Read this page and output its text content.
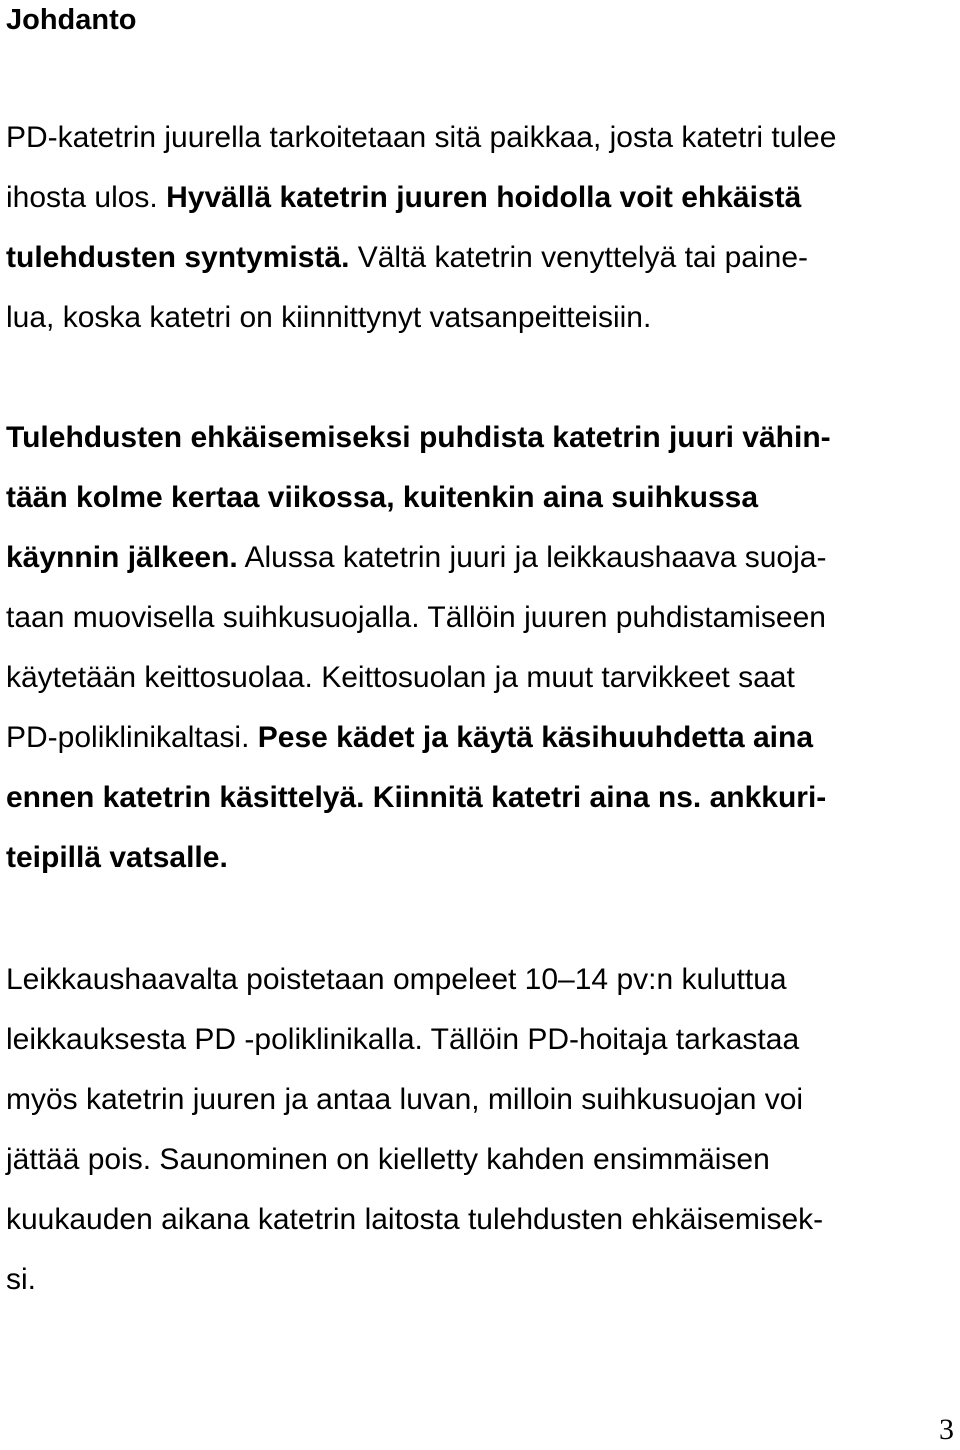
Johdanto
PD-katetrin juurella tarkoitetaan sitä paikkaa, josta katetri tulee
ihosta ulos. Hyvällä katetrin juuren hoidolla voit ehkäistä
tulehdusten syntymistä. Vältä katetrin venyttelyä tai paine-
lua, koska katetri on kiinnittynyt vatsanpeitteisiin.
Tulehdusten ehkäisemiseksi puhdista katetrin juuri vähin-
tään kolme kertaa viikossa, kuitenkin aina suihkussa
käynnin jälkeen. Alussa katetrin juuri ja leikkaushaava suoja-
taan muovisella suihkusuojalla. Tällöin juuren puhdistamiseen
käytetään keittosuolaa. Keittosuolan ja muut tarvikkeet saat
PD-poliklinikaltasi. Pese kädet ja käytä käsihuuhdetta aina
ennen katetrin käsittelyä. Kiinnitä katetri aina ns. ankkuri-
teipillä vatsalle.
Leikkaushaavalta poistetaan ompeleet 10–14 pv:n kuluttua
leikkauksesta PD -poliklinikalla. Tällöin PD-hoitaja tarkastaa
myös katetrin juuren ja antaa luvan, milloin suihkusuojan voi
jättää pois. Saunominen on kielletty kahden ensimmäisen
kuukauden aikana katetrin laitosta tulehdusten ehkäisemisek-
si.
3
